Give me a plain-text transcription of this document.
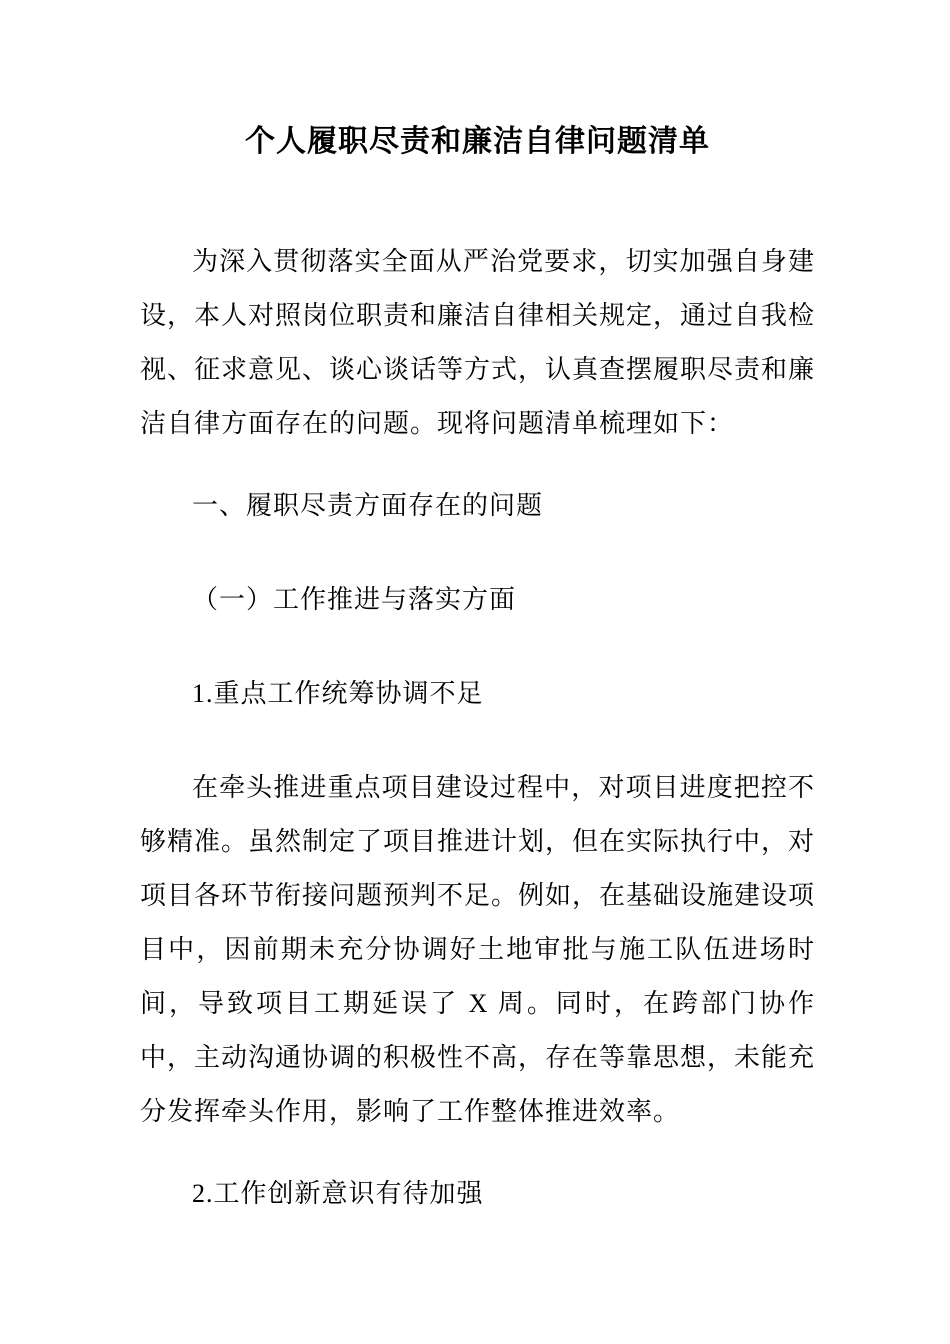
个人履职尽责和廉洁自律问题清单

为深入贯彻落实全面从严治党要求，切实加强自身建设，本人对照岗位职责和廉洁自律相关规定，通过自我检视、征求意见、谈心谈话等方式，认真查摆履职尽责和廉洁自律方面存在的问题。现将问题清单梳理如下：

一、履职尽责方面存在的问题

（一）工作推进与落实方面

1.重点工作统筹协调不足

在牵头推进重点项目建设过程中，对项目进度把控不够精准。虽然制定了项目推进计划，但在实际执行中，对项目各环节衔接问题预判不足。例如，在基础设施建设项目中，因前期未充分协调好土地审批与施工队伍进场时间，导致项目工期延误了 X 周。同时，在跨部门协作中，主动沟通协调的积极性不高，存在等靠思想，未能充分发挥牵头作用，影响了工作整体推进效率。

2.工作创新意识有待加强
